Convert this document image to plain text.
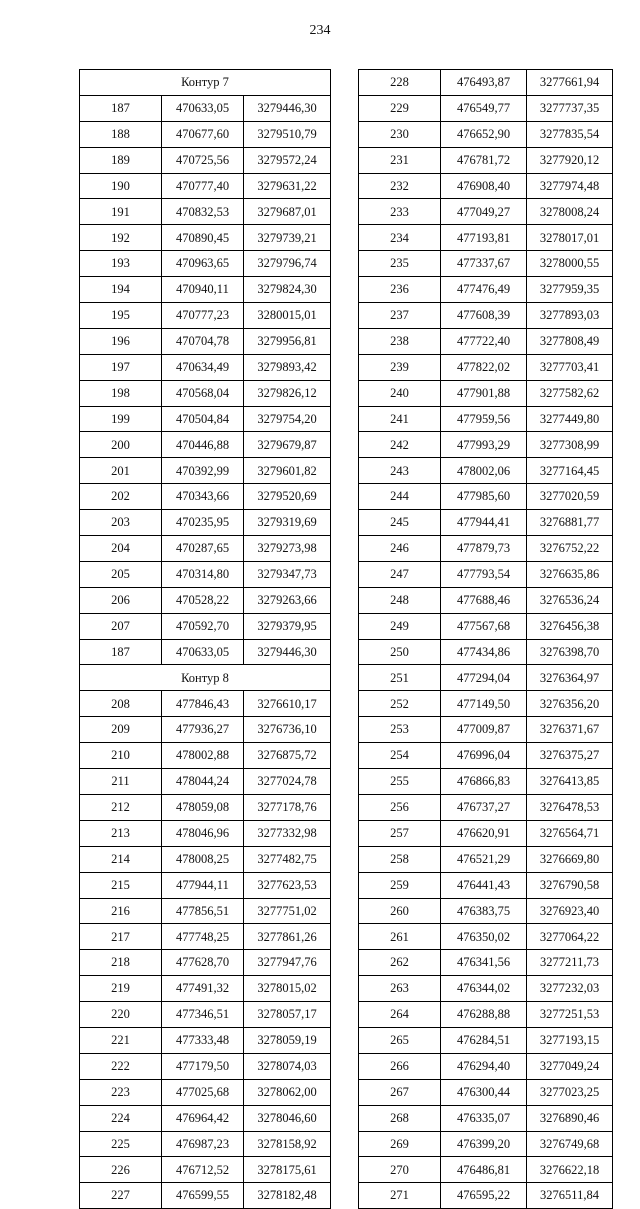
234
Контур 7		
187	470633,05	3279446,30
188	470677,60	3279510,79
189	470725,56	3279572,24
190	470777,40	3279631,22
191	470832,53	3279687,01
192	470890,45	3279739,21
193	470963,65	3279796,74
194	470940,11	3279824,30
195	470777,23	3280015,01
196	470704,78	3279956,81
197	470634,49	3279893,42
198	470568,04	3279826,12
199	470504,84	3279754,20
200	470446,88	3279679,87
201	470392,99	3279601,82
202	470343,66	3279520,69
203	470235,95	3279319,69
204	470287,65	3279273,98
205	470314,80	3279347,73
206	470528,22	3279263,66
207	470592,70	3279379,95
187	470633,05	3279446,30
Контур 8		
208	477846,43	3276610,17
209	477936,27	3276736,10
210	478002,88	3276875,72
211	478044,24	3277024,78
212	478059,08	3277178,76
213	478046,96	3277332,98
214	478008,25	3277482,75
215	477944,11	3277623,53
216	477856,51	3277751,02
217	477748,25	3277861,26
218	477628,70	3277947,76
219	477491,32	3278015,02
220	477346,51	3278057,17
221	477333,48	3278059,19
222	477179,50	3278074,03
223	477025,68	3278062,00
224	476964,42	3278046,60
225	476987,23	3278158,92
226	476712,52	3278175,61
227	476599,55	3278182,48
228	476493,87	3277661,94
229	476549,77	3277737,35
230	476652,90	3277835,54
231	476781,72	3277920,12
232	476908,40	3277974,48
233	477049,27	3278008,24
234	477193,81	3278017,01
235	477337,67	3278000,55
236	477476,49	3277959,35
237	477608,39	3277893,03
238	477722,40	3277808,49
239	477822,02	3277703,41
240	477901,88	3277582,62
241	477959,56	3277449,80
242	477993,29	3277308,99
243	478002,06	3277164,45
244	477985,60	3277020,59
245	477944,41	3276881,77
246	477879,73	3276752,22
247	477793,54	3276635,86
248	477688,46	3276536,24
249	477567,68	3276456,38
250	477434,86	3276398,70
251	477294,04	3276364,97
252	477149,50	3276356,20
253	477009,87	3276371,67
254	476996,04	3276375,27
255	476866,83	3276413,85
256	476737,27	3276478,53
257	476620,91	3276564,71
258	476521,29	3276669,80
259	476441,43	3276790,58
260	476383,75	3276923,40
261	476350,02	3277064,22
262	476341,56	3277211,73
263	476344,02	3277232,03
264	476288,88	3277251,53
265	476284,51	3277193,15
266	476294,40	3277049,24
267	476300,44	3277023,25
268	476335,07	3276890,46
269	476399,20	3276749,68
270	476486,81	3276622,18
271	476595,22	3276511,84
